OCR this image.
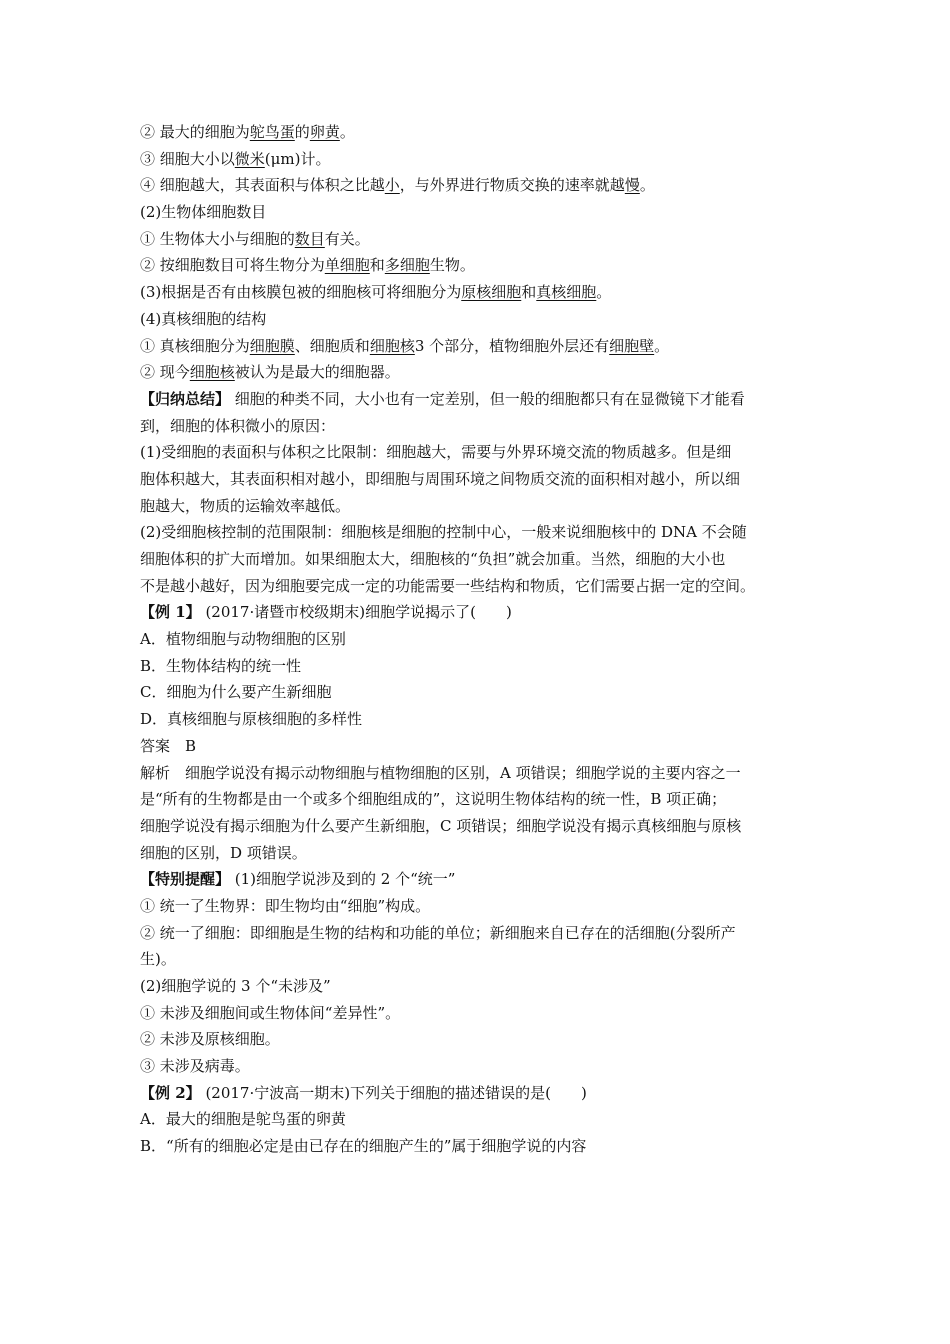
② 最大的细胞为鸵鸟蛋的卵黄。
③ 细胞大小以微米(μm)计。
④ 细胞越大，其表面积与体积之比越小，与外界进行物质交换的速率就越慢。
(2)生物体细胞数目
① 生物体大小与细胞的数目有关。
② 按细胞数目可将生物分为单细胞和多细胞生物。
(3)根据是否有由核膜包被的细胞核可将细胞分为原核细胞和真核细胞。
(4)真核细胞的结构
① 真核细胞分为细胞膜、细胞质和细胞核3 个部分，植物细胞外层还有细胞壁。
② 现今细胞核被认为是最大的细胞器。
【归纳总结】 细胞的种类不同，大小也有一定差别，但一般的细胞都只有在显微镜下才能看
到，细胞的体积微小的原因：
(1)受细胞的表面积与体积之比限制：细胞越大，需要与外界环境交流的物质越多。但是细
胞体积越大，其表面积相对越小，即细胞与周围环境之间物质交流的面积相对越小，所以细
胞越大，物质的运输效率越低。
(2)受细胞核控制的范围限制：细胞核是细胞的控制中心，一般来说细胞核中的 DNA 不会随
细胞体积的扩大而增加。如果细胞太大，细胞核的“负担”就会加重。当然，细胞的大小也
不是越小越好，因为细胞要完成一定的功能需要一些结构和物质，它们需要占据一定的空间。
【例 1】 (2017·诸暨市校级期末)细胞学说揭示了(　　)
A．植物细胞与动物细胞的区别
B．生物体结构的统一性
C．细胞为什么要产生新细胞
D．真核细胞与原核细胞的多样性
答案　B
解析　细胞学说没有揭示动物细胞与植物细胞的区别，A 项错误；细胞学说的主要内容之一
是“所有的生物都是由一个或多个细胞组成的”，这说明生物体结构的统一性，B 项正确；
细胞学说没有揭示细胞为什么要产生新细胞，C 项错误；细胞学说没有揭示真核细胞与原核
细胞的区别，D 项错误。
【特别提醒】 (1)细胞学说涉及到的 2 个“统一”
① 统一了生物界：即生物均由“细胞”构成。
② 统一了细胞：即细胞是生物的结构和功能的单位；新细胞来自已存在的活细胞(分裂所产
生)。
(2)细胞学说的 3 个“未涉及”
① 未涉及细胞间或生物体间“差异性”。
② 未涉及原核细胞。
③ 未涉及病毒。
【例 2】 (2017·宁波高一期末)下列关于细胞的描述错误的是(　　)
A．最大的细胞是鸵鸟蛋的卵黄
B．“所有的细胞必定是由已存在的细胞产生的”属于细胞学说的内容
